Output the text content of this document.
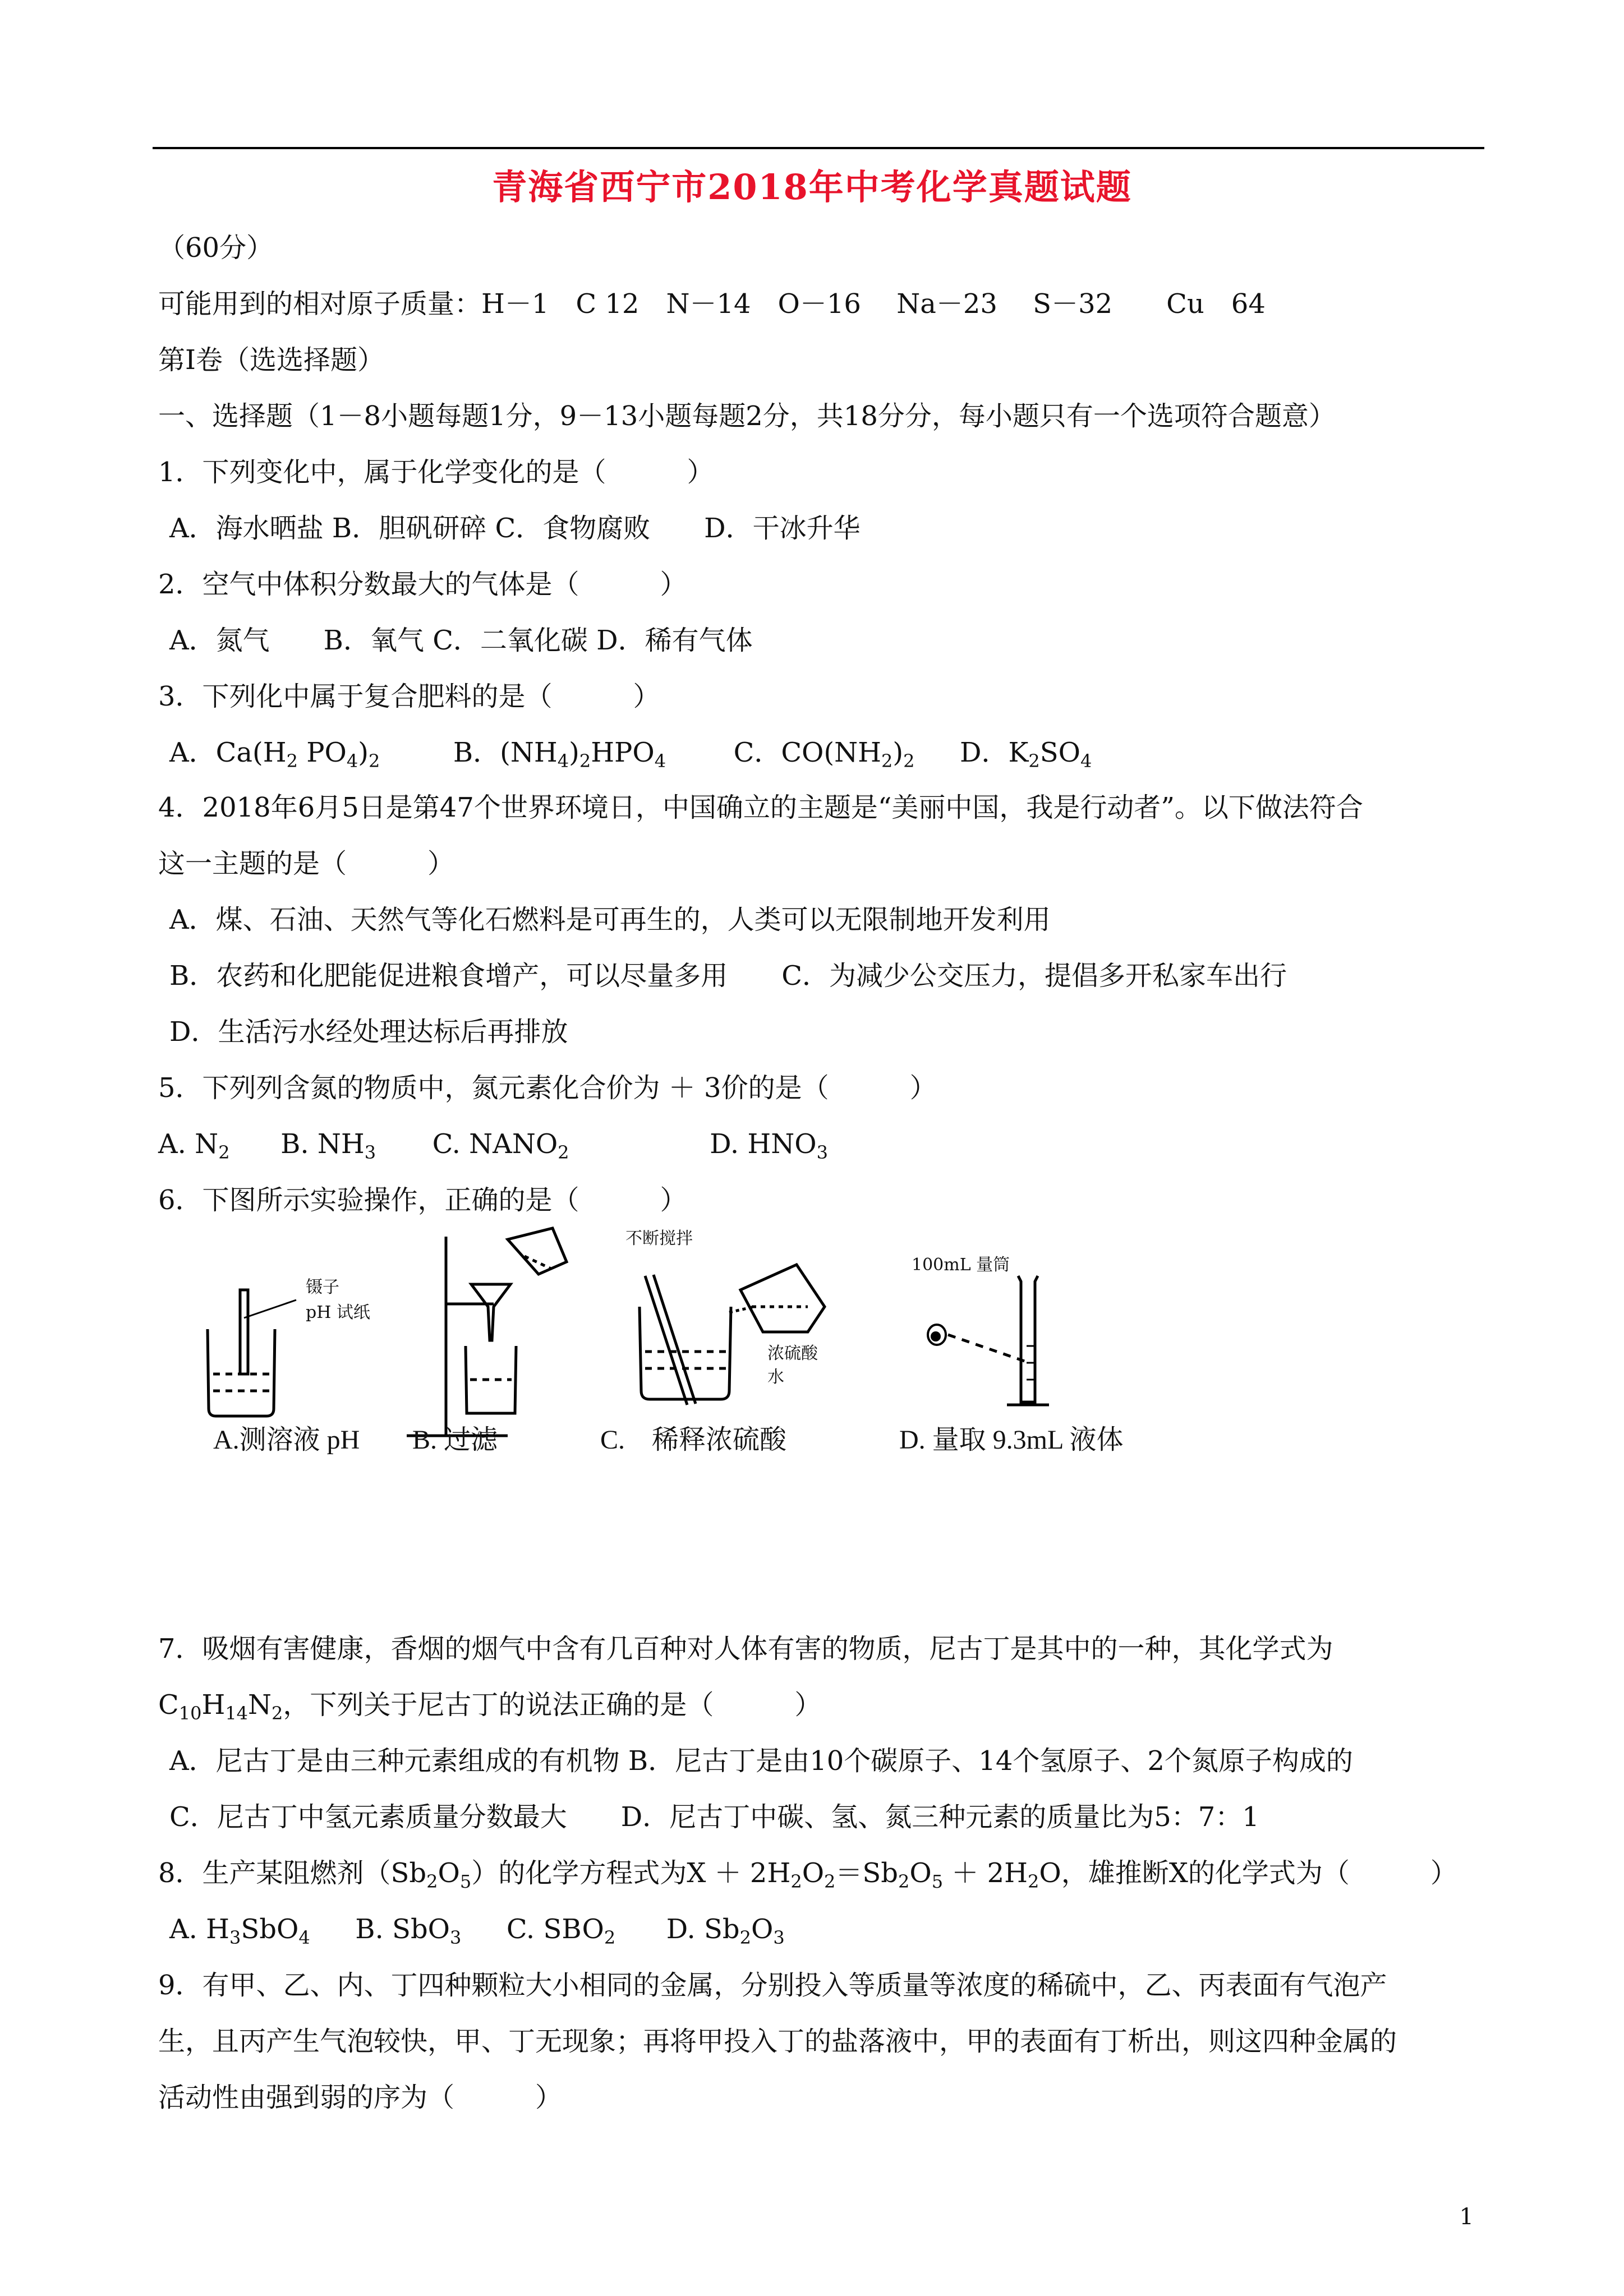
青海省西宁市2018年中考化学真题试题
（60分）
可能用到的相对原子质量：H－1　C 12　N－14　O－16　 Na－23　 S－32　　Cu　64
第Ⅰ卷（选选择题）
一、选择题（1－8小题每题1分，9－13小题每题2分，共18分分，每小题只有一个选项符合题意）
1．下列变化中，属于化学变化的是（　　　）
A．海水晒盐 B．胆矾研碎 C．食物腐败　　D．干冰升华
2．空气中体积分数最大的气体是（　　　）
A．氮气　　B．氧气 C．二氧化碳 D．稀有气体
3．下列化中属于复合肥料的是（　　　）
A．$Ca(H_2$ $PO_4)_2$	B．$(NH_4)_2HPO_4$	C．$CO(NH_2)_2$ D．$K_2SO_4$
4．2018年6月5日是第47个世界环境日，中国确立的主题是“美丽中国，我是行动者”。以下做法符合
这一主题的是（　　　）
A．煤、石油、天然气等化石燃料是可再生的，人类可以无限制地开发利用
B．农药和化肥能促进粮食增产，可以尽量多用　　C．为减少公交压力，提倡多开私家车出行
D．生活污水经处理达标后再排放
5．下列列含氮的物质中，氮元素化合价为 ＋ 3价的是（　　　）
A. $N_2$ B. $NH_3$ C. $NANO_2$	D. $HNO_3$
6．下图所示实验操作，正确的是（　　　）
镊子
pH 试纸
不断搅拌
浓硫酸
水
100mL 量筒
A.测溶液 pH B. 过滤	C.　稀释浓硫酸	D. 量取 9.3mL 液体
7．吸烟有害健康，香烟的烟气中含有几百种对人体有害的物质，尼古丁是其中的一种，其化学式为
$C_{10}H_{14}N_2$，下列关于尼古丁的说法正确的是（　　　）
A．尼古丁是由三种元素组成的有机物 B．尼古丁是由10个碳原子、14个氢原子、2个氮原子构成的
C．尼古丁中氢元素质量分数最大　　D．尼古丁中碳、氢、氮三种元素的质量比为5：7：1
8．生产某阻燃剂$(Sb_2O_5)$的化学方程式为$X + 2H_2O_2=Sb_2O_5 + 2H_2O$，雄推断X的化学式为（　　　）
A. $H_3SbO_4$ B. SbO$_3$ C. $SBO_2$ D. $Sb_2O_3$
9．有甲、乙、内、丁四种颗粒大小相同的金属，分别投入等质量等浓度的稀硫中，乙、丙表面有气泡产
生，且丙产生气泡较快，甲、丁无现象；再将甲投入丁的盐落液中，甲的表面有丁析出，则这四种金属的
活动性由强到弱的序为（　　　）
1
